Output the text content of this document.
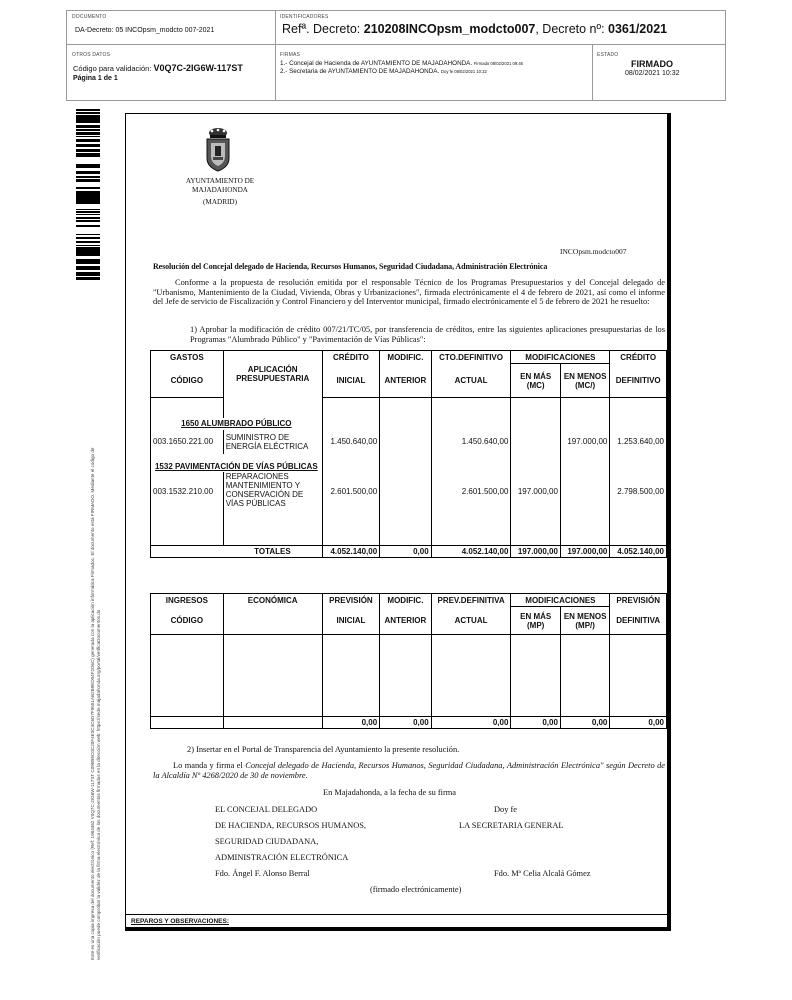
DOCUMENTO
DA-Decreto: 05 INCOpsm_modcto 007-2021
IDENTIFICADORES
Refª. Decreto: 210208INCOpsm_modcto007, Decreto nº: 0361/2021
OTROS DATOS
Código para validación: V0Q7C-2IG6W-117ST
Página 1 de 1
FIRMAS
1.- Concejal de Hacienda de AYUNTAMIENTO DE MAJADAHONDA. Firmado 08/02/2021 09:46
2.- Secretaria de AYUNTAMIENTO DE MAJADAHONDA. Doy fe 08/02/2021 10:32
ESTADO
FIRMADO
08/02/2021 10:32
Este es una copia impresa del documento electrónico (Ref: 1984462 V0Q7C-2IG6W-117ST C09B95C0C20F4E3C4C6D7F9551AB2B9ED04F2D6C) generada con la aplicación informática Firmadoc. El documento está FIRMADO. Mediante el código de verificación puede comprobar la validez de la firma electrónica de los documentos firmados en la dirección web: https://sede.majadahonda.org/portal/verificaDocumentos.do
AYUNTAMIENTO DE
MAJADAHONDA
(MADRID)
INCOpsm.modcto007
Resolución del Concejal delegado de Hacienda, Recursos Humanos, Seguridad Ciudadana, Administración Electrónica
Conforme a la propuesta de resolución emitida por el responsable Técnico de los Programas Presupuestarios y del Concejal delegado de "Urbanismo, Mantenimiento de la Ciudad, Vivienda, Obras y Urbanizaciones", firmada electrónicamente el 4 de febrero de 2021, así como el informe del Jefe de servicio de Fiscalización y Control Financiero y del Interventor municipal, firmado electrónicamente el 5 de febrero de 2021 he resuelto:
1) Aprobar la modificación de crédito 007/21/TC/05, por transferencia de créditos, entre las siguientes aplicaciones presupuestarias de los Programas "Alumbrado Público" y "Pavimentación de Vías Públicas":
GASTOS	APLICACIÓN PRESUPUESTARIA	CRÉDITO	MODIFIC.	CTO.DEFINITIVO	MODIFICACIONES		CRÉDITO
CÓDIGO		INICIAL	ANTERIOR	ACTUAL	EN MÁS (MC)	EN MENOS (MC/)	DEFINITIVO

1650 ALUMBRADO PÚBLICO							
003.1650.221.00	SUMINISTRO DE ENERGÍA ELÉCTRICA	1.450.640,00		1.450.640,00		197.000,00	1.253.640,00
1532 PAVIMENTACIÓN DE VÍAS PÚBLICAS							
003.1532.210.00	REPARACIONES MANTENIMIENTO Y CONSERVACIÓN DE VÍAS PÚBLICAS	2.601.500,00		2.601.500,00	197.000,00		2.798.500,00

	TOTALES	4.052.140,00	0,00	4.052.140,00	197.000,00	197.000,00	4.052.140,00
INGRESOS	ECONÓMICA	PREVISIÓN	MODIFIC.	PREV.DEFINITIVA	MODIFICACIONES		PREVISIÓN
CÓDIGO		INICIAL	ANTERIOR	ACTUAL	EN MÁS (MP)	EN MENOS (MP/)	DEFINITIVA

		0,00	0,00	0,00	0,00	0,00	0,00
2) Insertar en el Portal de Transparencia del Ayuntamiento la presente resolución.
Lo manda y firma el Concejal delegado de Hacienda, Recursos Humanos, Seguridad Ciudadana, Administración Electrónica" según Decreto de la Alcaldía Nº 4268/2020 de 30 de noviembre.
En Majadahonda, a la fecha de su firma
EL CONCEJAL DELEGADO
DE HACIENDA, RECURSOS HUMANOS,
SEGURIDAD CIUDADANA,
ADMINISTRACIÓN ELECTRÓNICA
Fdo. Ángel F. Alonso Berral
Doy fe
LA SECRETARIA GENERAL
Fdo. Mª Celia Alcalá Gómez
(firmado electrónicamente)
REPAROS Y OBSERVACIONES:
